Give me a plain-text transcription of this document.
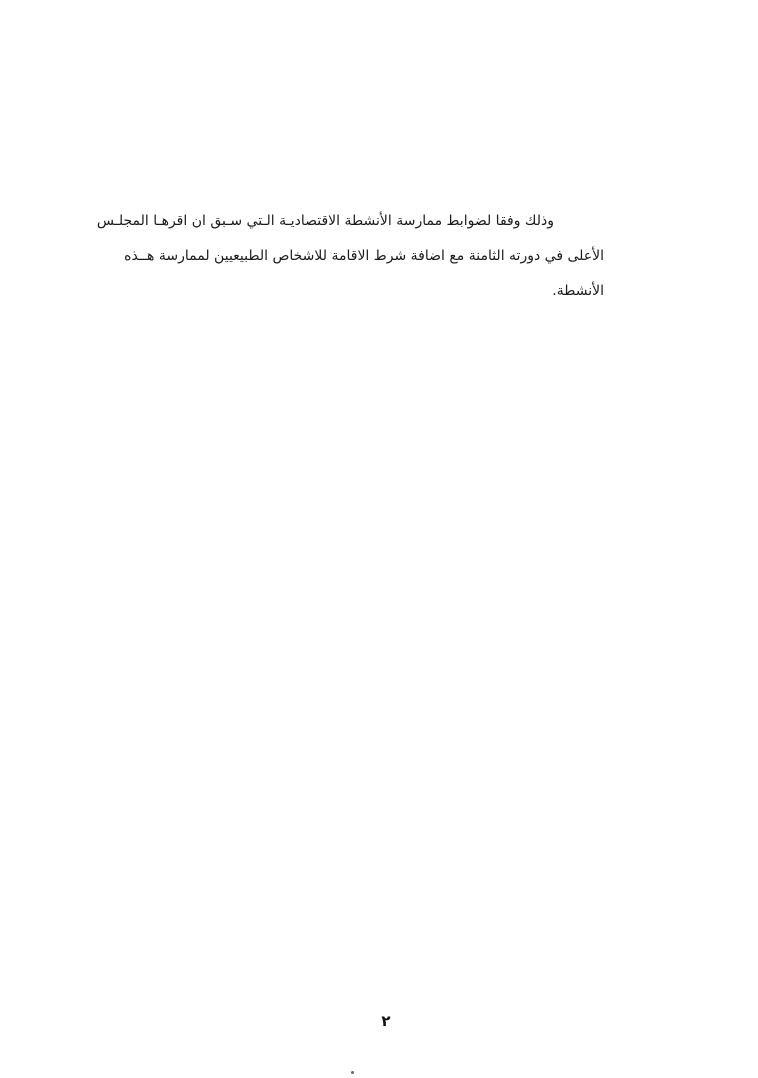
وذلك وفقا لضوابط ممارسة الأنشطة الاقتصاديـة الـتي سـبق ان اقرهـا المجلـس
الأعلى في دورته الثامنة مع اضافة شرط الاقامة للاشخاص الطبيعيين لممارسة هــذه
الأنشطة.
٢
